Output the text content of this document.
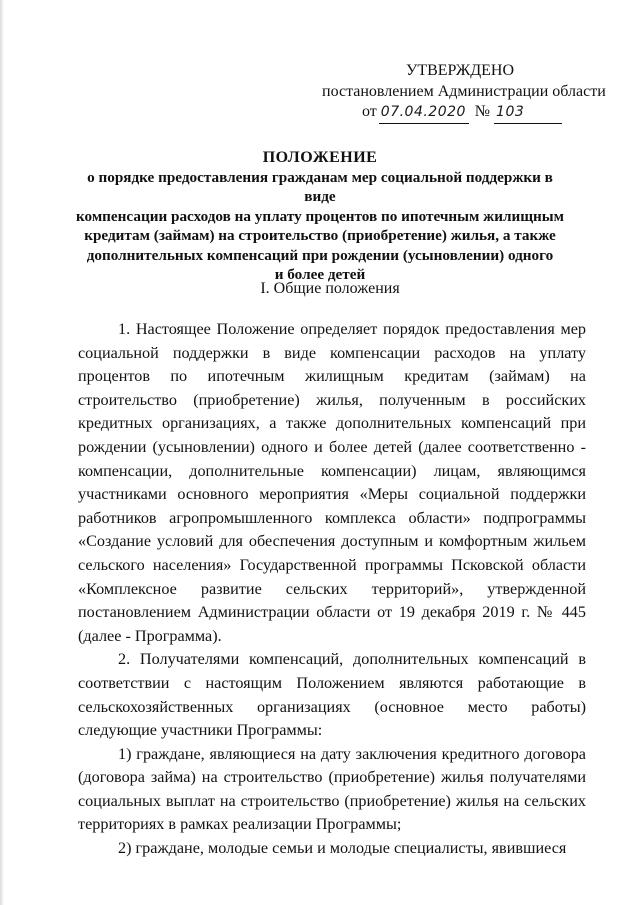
УТВЕРЖДЕНО
постановлением Администрации области
от 07.04.2020 № 103
ПОЛОЖЕНИЕ
о порядке предоставления гражданам мер социальной поддержки в виде
компенсации расходов на уплату процентов по ипотечным жилищным
кредитам (займам) на строительство (приобретение) жилья, а также
дополнительных компенсаций при рождении (усыновлении) одного
и более детей
I. Общие положения

1. Настоящее Положение определяет порядок предоставления мер социальной поддержки в виде компенсации расходов на уплату процентов по ипотечным жилищным кредитам (займам) на строительство (приобретение) жилья, полученным в российских кредитных организациях, а также дополнительных компенсаций при рождении (усыновлении) одного и более детей (далее соответственно - компенсации, дополнительные компенсации) лицам, являющимся участниками основного мероприятия «Меры социальной поддержки работников агропромышленного комплекса области» подпрограммы «Создание условий для обеспечения доступным и комфортным жильем сельского населения» Государственной программы Псковской области «Комплексное развитие сельских территорий», утвержденной постановлением Администрации области от 19 декабря 2019 г. № 445 (далее - Программа).

2. Получателями компенсаций, дополнительных компенсаций в соответствии с настоящим Положением являются работающие в сельскохозяйственных организациях (основное место работы) следующие участники Программы:

1) граждане, являющиеся на дату заключения кредитного договора (договора займа) на строительство (приобретение) жилья получателями социальных выплат на строительство (приобретение) жилья на сельских территориях в рамках реализации Программы;

2) граждане, молодые семьи и молодые специалисты, явившиеся
